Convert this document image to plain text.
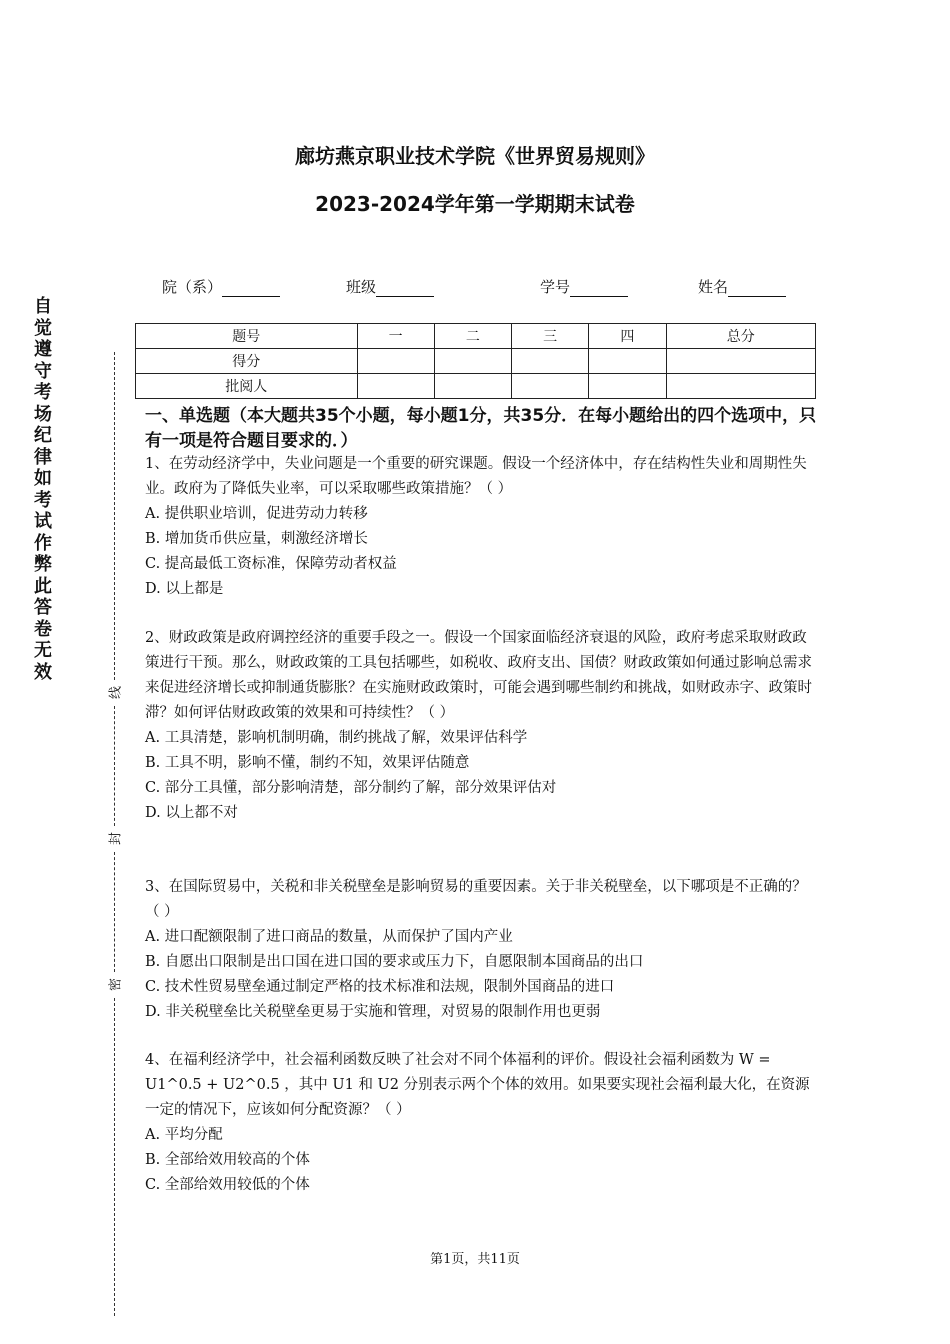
廊坊燕京职业技术学院《世界贸易规则》
2023-2024学年第一学期期末试卷
院（系）	班级	学号	姓名
题号	一	二	三	四	总分
得分					
批阅人					
自觉遵守考场纪律如考试作弊此答卷无效
线
封
密
一、单选题（本大题共35个小题，每小题1分，共35分．在每小题给出的四个选项中，只有一项是符合题目要求的．）

1、在劳动经济学中，失业问题是一个重要的研究课题。假设一个经济体中，存在结构性失业和周期性失业。政府为了降低失业率，可以采取哪些政策措施？（ ）

A. 提供职业培训，促进劳动力转移

B. 增加货币供应量，刺激经济增长

C. 提高最低工资标准，保障劳动者权益

D. 以上都是

2、财政政策是政府调控经济的重要手段之一。假设一个国家面临经济衰退的风险，政府考虑采取财政政策进行干预。那么，财政政策的工具包括哪些，如税收、政府支出、国债？财政政策如何通过影响总需求来促进经济增长或抑制通货膨胀？在实施财政政策时，可能会遇到哪些制约和挑战，如财政赤字、政策时滞？如何评估财政政策的效果和可持续性？（ ）

A. 工具清楚，影响机制明确，制约挑战了解，效果评估科学

B. 工具不明，影响不懂，制约不知，效果评估随意

C. 部分工具懂，部分影响清楚，部分制约了解，部分效果评估对

D. 以上都不对

3、在国际贸易中，关税和非关税壁垒是影响贸易的重要因素。关于非关税壁垒，以下哪项是不正确的？（ ）

A. 进口配额限制了进口商品的数量，从而保护了国内产业

B. 自愿出口限制是出口国在进口国的要求或压力下，自愿限制本国商品的出口

C. 技术性贸易壁垒通过制定严格的技术标准和法规，限制外国商品的进口

D. 非关税壁垒比关税壁垒更易于实施和管理，对贸易的限制作用也更弱

4、在福利经济学中，社会福利函数反映了社会对不同个体福利的评价。假设社会福利函数为 W = U1^0.5 + U2^0.5 ，其中 U1 和 U2 分别表示两个个体的效用。如果要实现社会福利最大化，在资源一定的情况下，应该如何分配资源？（ ）

A. 平均分配

B. 全部给效用较高的个体

C. 全部给效用较低的个体

第1页，共11页
